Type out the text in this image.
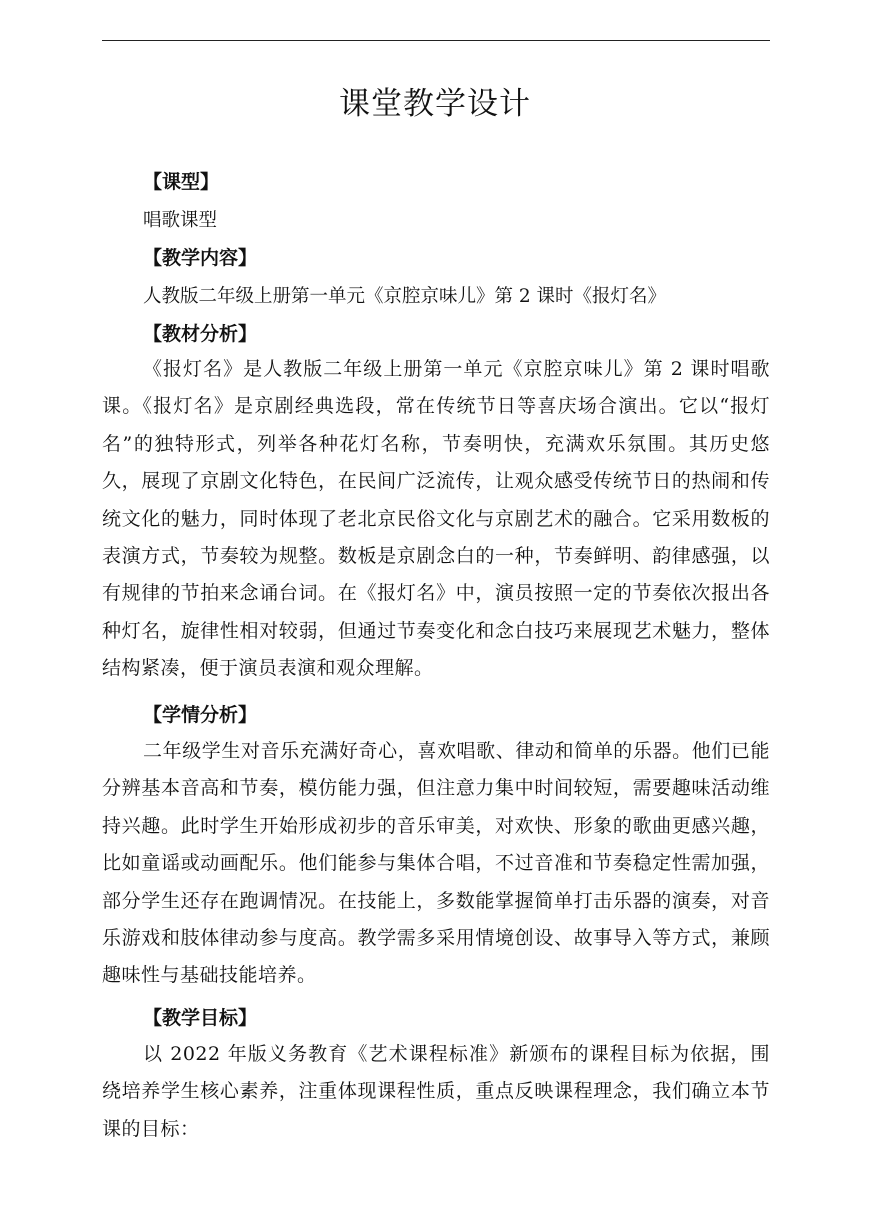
课堂教学设计
【课型】
唱歌课型
【教学内容】
人教版二年级上册第一单元《京腔京味儿》第 2 课时《报灯名》
【教材分析】

《报灯名》是人教版二年级上册第一单元《京腔京味儿》第 2 课时唱歌课。《报灯名》是京剧经典选段，常在传统节日等喜庆场合演出。它以“报灯名”的独特形式，列举各种花灯名称，节奏明快，充满欢乐氛围。其历史悠久，展现了京剧文化特色，在民间广泛流传，让观众感受传统节日的热闹和传统文化的魅力，同时体现了老北京民俗文化与京剧艺术的融合。它采用数板的表演方式，节奏较为规整。数板是京剧念白的一种，节奏鲜明、韵律感强，以有规律的节拍来念诵台词。在《报灯名》中，演员按照一定的节奏依次报出各种灯名，旋律性相对较弱，但通过节奏变化和念白技巧来展现艺术魅力，整体结构紧凑，便于演员表演和观众理解。

【学情分析】

二年级学生对音乐充满好奇心，喜欢唱歌、律动和简单的乐器。他们已能分辨基本音高和节奏，模仿能力强，但注意力集中时间较短，需要趣味活动维持兴趣。此时学生开始形成初步的音乐审美，对欢快、形象的歌曲更感兴趣，比如童谣或动画配乐。他们能参与集体合唱，不过音准和节奏稳定性需加强，部分学生还存在跑调情况。在技能上，多数能掌握简单打击乐器的演奏，对音乐游戏和肢体律动参与度高。教学需多采用情境创设、故事导入等方式，兼顾趣味性与基础技能培养。

【教学目标】

以 2022 年版义务教育《艺术课程标准》新颁布的课程目标为依据，围绕培养学生核心素养，注重体现课程性质，重点反映课程理念，我们确立本节课的目标：
